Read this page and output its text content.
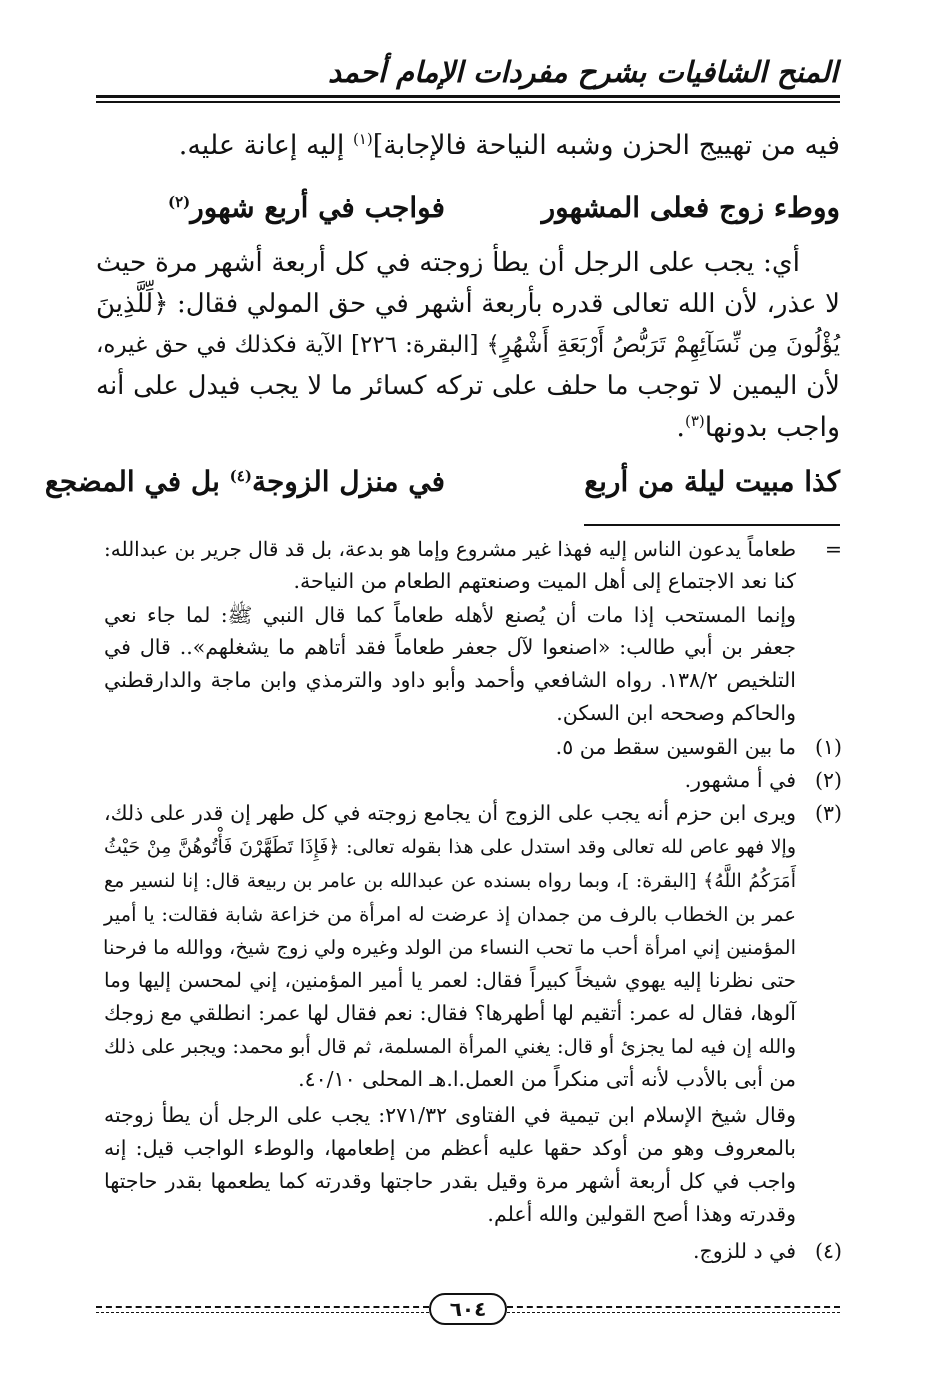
المنح الشافيات بشرح مفردات الإمام أحمد
فيه من تهييج الحزن وشبه النياحة فالإجابة]$^{(١)}$ إليه إعانة عليه.
ووطء زوج فعلى المشهور
فواجب في أربع شهور$^{(٢)}$
أي: يجب على الرجل أن يطأ زوجته في كل أربعة أشهر مرة حيث
لا عذر، لأن الله تعالى قدره بأربعة أشهر في حق المولي فقال: ﴿لِّلَّذِينَ
يُؤْلُونَ مِن نِّسَآئِهِمْ تَرَبُّصُ أَرْبَعَةِ أَشْهُرٍ﴾ [البقرة: ٢٢٦] الآية فكذلك في حق غيره،
لأن اليمين لا توجب ما حلف على تركه كسائر ما لا يجب فيدل على أنه
واجب بدونها$^{(٣)}$.
كذا مبيت ليلة من أربع
في منزل الزوجة$^{(٤)}$ بل في المضجع
=
طعاماً يدعون الناس إليه فهذا غير مشروع وإما هو بدعة، بل قد قال جرير بن عبدالله:
كنا نعد الاجتماع إلى أهل الميت وصنعتهم الطعام من النياحة.
وإنما المستحب إذا مات أن يُصنع لأهله طعاماً كما قال النبي ﷺ: لما جاء نعي
جعفر بن أبي طالب: «اصنعوا لآل جعفر طعاماً فقد أتاهم ما يشغلهم».. قال في
التلخيص ١٣٨/٢. رواه الشافعي وأحمد وأبو داود والترمذي وابن ماجة والدارقطني
والحاكم وصححه ابن السكن.
(١)
ما بين القوسين سقط من ٥.
(٢)
في أ مشهور.
(٣)
ويرى ابن حزم أنه يجب على الزوج أن يجامع زوجته في كل طهر إن قدر على ذلك،
وإلا فهو عاص لله تعالى وقد استدل على هذا بقوله تعالى: ﴿فَإِذَا تَطَهَّرْنَ فَأْتُوهُنَّ مِنْ حَيْثُ
أَمَرَكُمُ اللَّهُ﴾ [البقرة: ]، وبما رواه بسنده عن عبدالله بن عامر بن ربيعة قال: إنا لنسير مع
عمر بن الخطاب بالرف من جمدان إذ عرضت له امرأة من خزاعة شابة فقالت: يا أمير
المؤمنين إني امرأة أحب ما تحب النساء من الولد وغيره ولي زوج شيخ، ووالله ما فرحنا
حتى نظرنا إليه يهوي شيخاً كبيراً فقال: لعمر يا أمير المؤمنين، إني لمحسن إليها وما
آلوها، فقال له عمر: أتقيم لها أطهرها؟ فقال: نعم فقال لها عمر: انطلقي مع زوجك
والله إن فيه لما يجزئ أو قال: يغني المرأة المسلمة، ثم قال أبو محمد: ويجبر على ذلك
من أبى بالأدب لأنه أتى منكراً من العمل.ا.هـ المحلى ٤٠/١٠.
وقال شيخ الإسلام ابن تيمية في الفتاوى ٢٧١/٣٢: يجب على الرجل أن يطأ زوجته
بالمعروف وهو من أوكد حقها عليه أعظم من إطعامها، والوطء الواجب قيل: إنه
واجب في كل أربعة أشهر مرة وقيل بقدر حاجتها وقدرته كما يطعمها بقدر حاجتها
وقدرته وهذا أصح القولين والله أعلم.
(٤)
في د للزوج.
٦٠٤
